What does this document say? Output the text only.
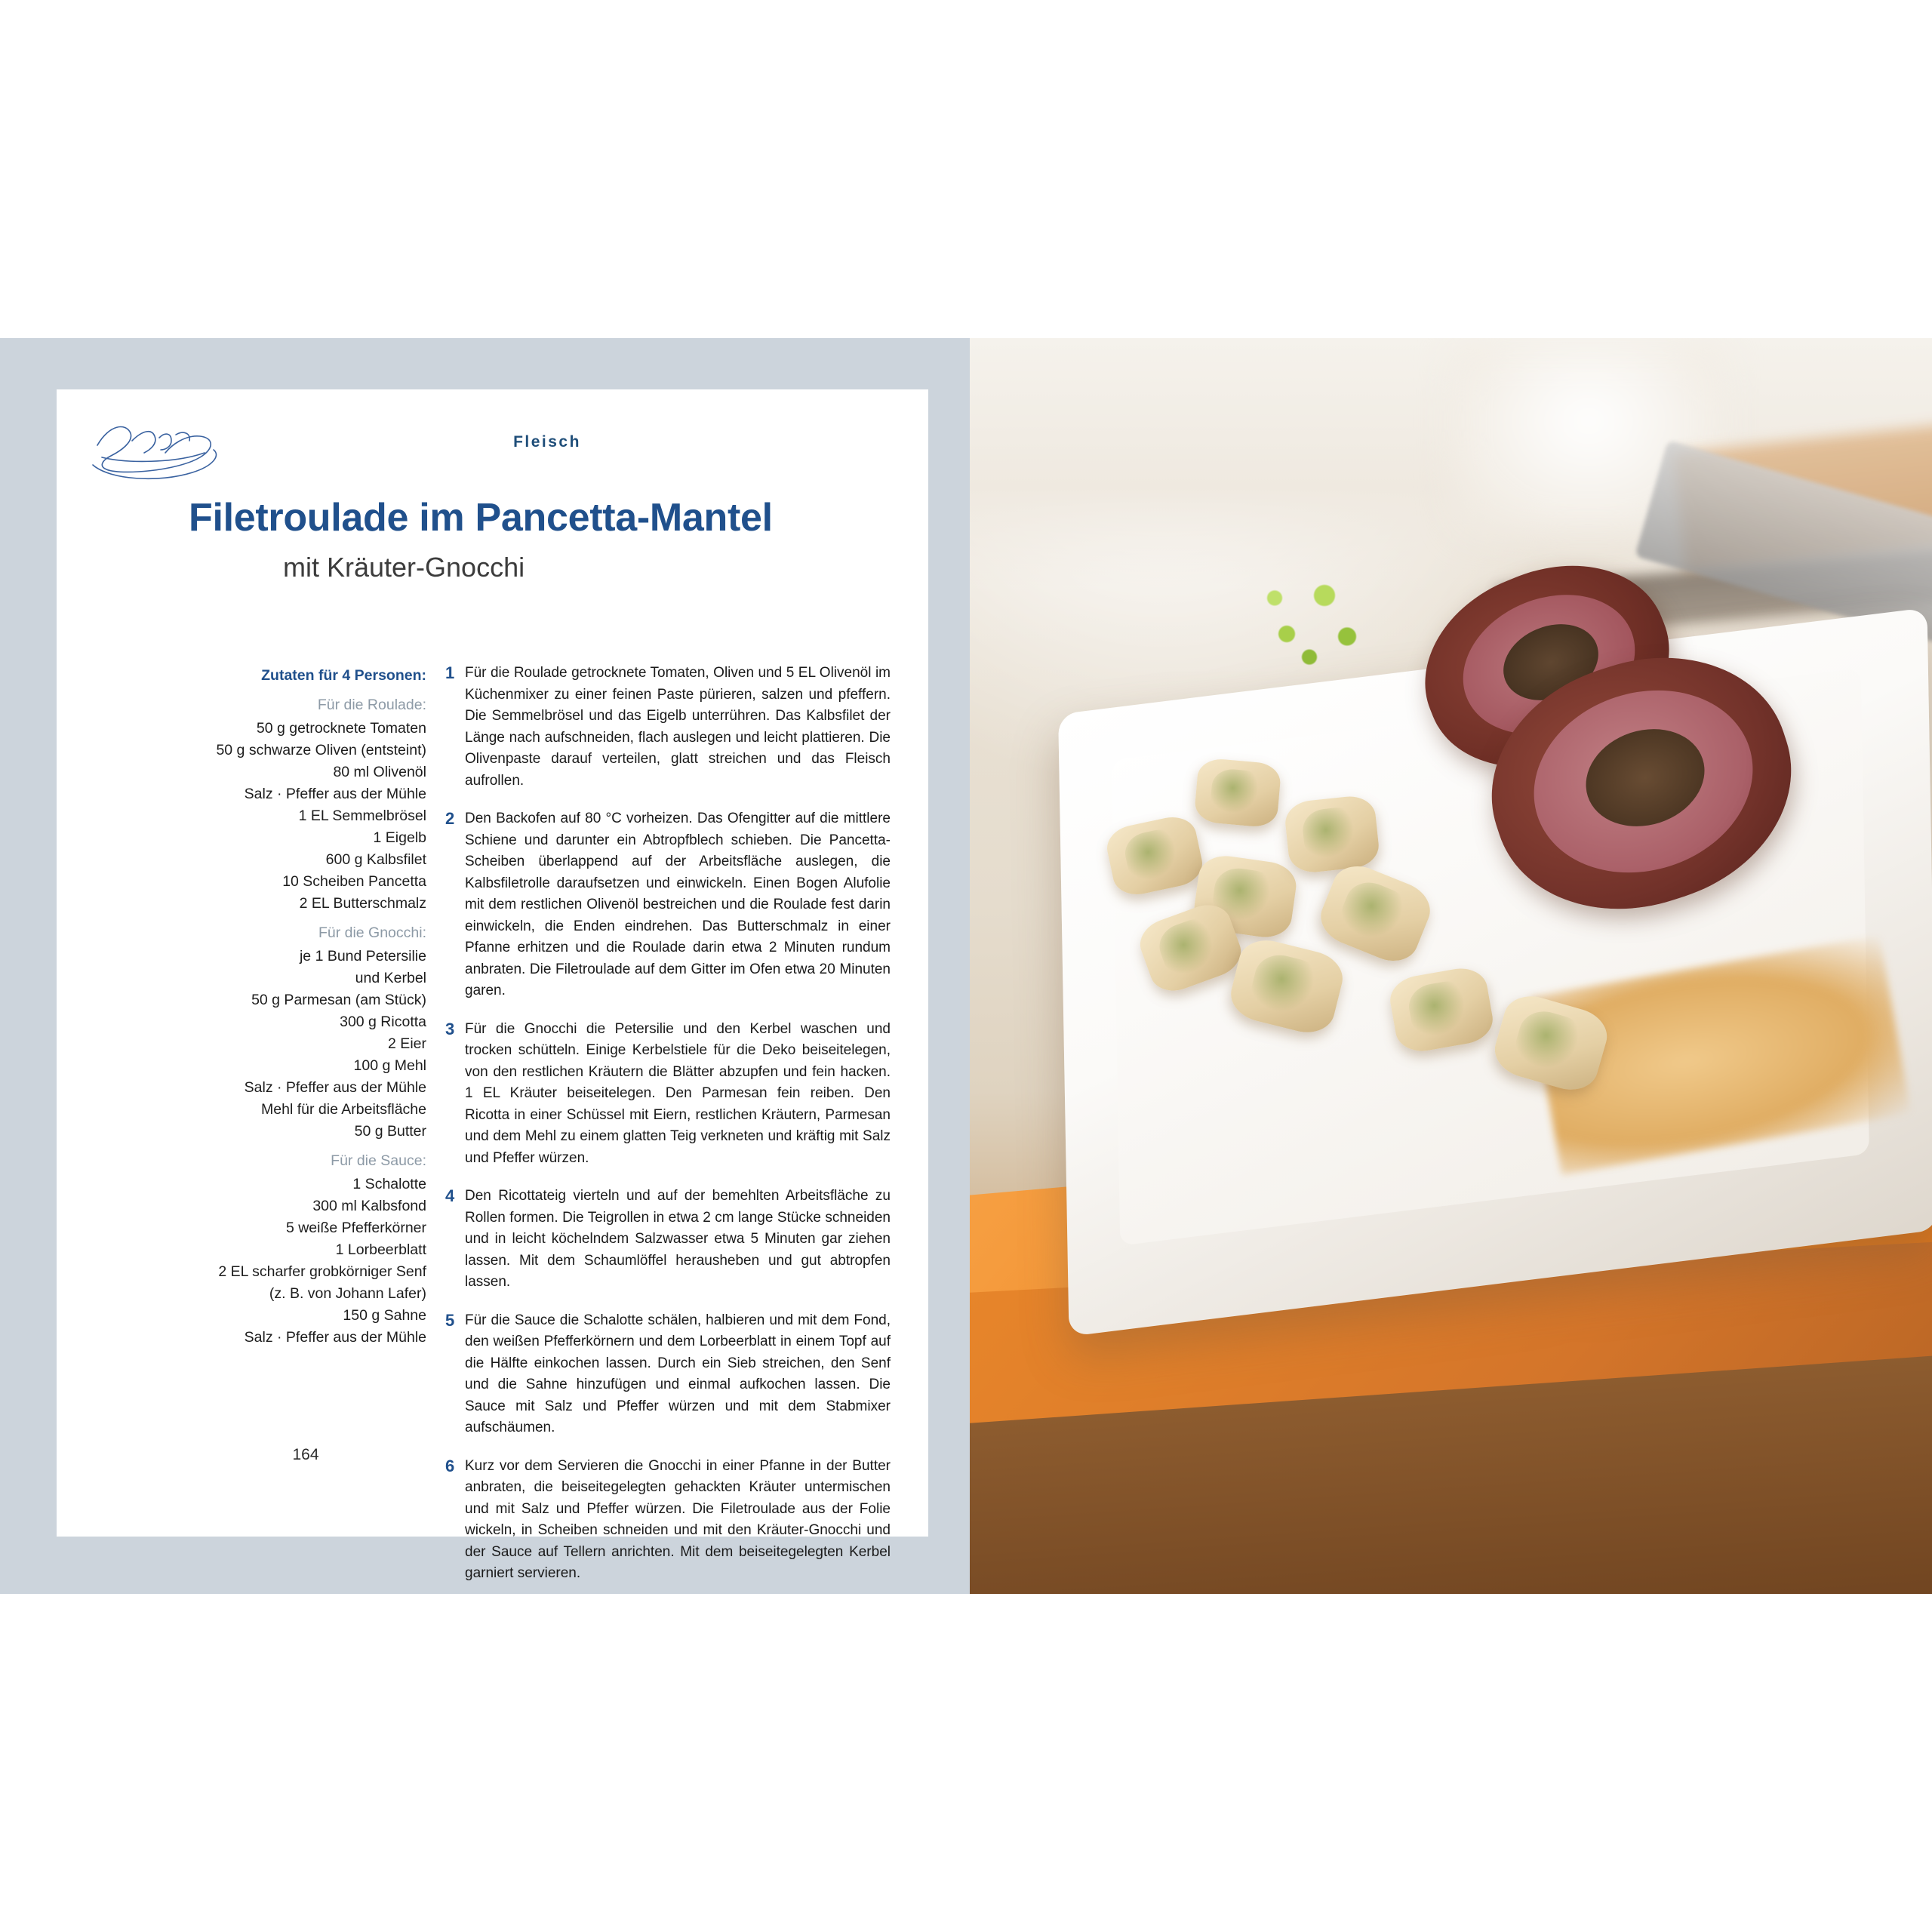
Fleisch
Filetroulade im Pancetta-Mantel
mit Kräuter-Gnocchi
Zutaten für 4 Personen:
Für die Roulade:
50 g getrocknete Tomaten
50 g schwarze Oliven (entsteint)
80 ml Olivenöl
Salz · Pfeffer aus der Mühle
1 EL Semmelbrösel
1 Eigelb
600 g Kalbsfilet
10 Scheiben Pancetta
2 EL Butterschmalz
Für die Gnocchi:
je 1 Bund Petersilie
und Kerbel
50 g Parmesan (am Stück)
300 g Ricotta
2 Eier
100 g Mehl
Salz · Pfeffer aus der Mühle
Mehl für die Arbeitsfläche
50 g Butter
Für die Sauce:
1 Schalotte
300 ml Kalbsfond
5 weiße Pfefferkörner
1 Lorbeerblatt
2 EL scharfer grobkörniger Senf
(z. B. von Johann Lafer)
150 g Sahne
Salz · Pfeffer aus der Mühle
1 Für die Roulade getrocknete Tomaten, Oliven und 5 EL Olivenöl im Küchenmixer zu einer feinen Paste pürieren, salzen und pfeffern. Die Semmelbrösel und das Eigelb unterrühren. Das Kalbsfilet der Länge nach aufschneiden, flach auslegen und leicht plattieren. Die Olivenpaste darauf verteilen, glatt streichen und das Fleisch aufrollen.
2 Den Backofen auf 80 °C vorheizen. Das Ofengitter auf die mittlere Schiene und darunter ein Abtropfblech schieben. Die Pancetta-Scheiben überlappend auf der Arbeitsfläche auslegen, die Kalbsfiletrolle daraufsetzen und einwickeln. Einen Bogen Alufolie mit dem restlichen Olivenöl bestreichen und die Roulade fest darin einwickeln, die Enden eindrehen. Das Butterschmalz in einer Pfanne erhitzen und die Roulade darin etwa 2 Minuten rundum anbraten. Die Filetroulade auf dem Gitter im Ofen etwa 20 Minuten garen.
3 Für die Gnocchi die Petersilie und den Kerbel waschen und trocken schütteln. Einige Kerbelstiele für die Deko beiseitelegen, von den restlichen Kräutern die Blätter abzupfen und fein hacken. 1 EL Kräuter beiseitelegen. Den Parmesan fein reiben. Den Ricotta in einer Schüssel mit Eiern, restlichen Kräutern, Parmesan und dem Mehl zu einem glatten Teig verkneten und kräftig mit Salz und Pfeffer würzen.
4 Den Ricottateig vierteln und auf der bemehlten Arbeitsfläche zu Rollen formen. Die Teigrollen in etwa 2 cm lange Stücke schneiden und in leicht köchelndem Salzwasser etwa 5 Minuten gar ziehen lassen. Mit dem Schaumlöffel herausheben und gut abtropfen lassen.
5 Für die Sauce die Schalotte schälen, halbieren und mit dem Fond, den weißen Pfefferkörnern und dem Lorbeerblatt in einem Topf auf die Hälfte einkochen lassen. Durch ein Sieb streichen, den Senf und die Sahne hinzufügen und einmal aufkochen lassen. Die Sauce mit Salz und Pfeffer würzen und mit dem Stabmixer aufschäumen.
6 Kurz vor dem Servieren die Gnocchi in einer Pfanne in der Butter anbraten, die beiseitegelegten gehackten Kräuter untermischen und mit Salz und Pfeffer würzen. Die Filetroulade aus der Folie wickeln, in Scheiben schneiden und mit den Kräuter-Gnocchi und der Sauce auf Tellern anrichten. Mit dem beiseitegelegten Kerbel garniert servieren.
164
